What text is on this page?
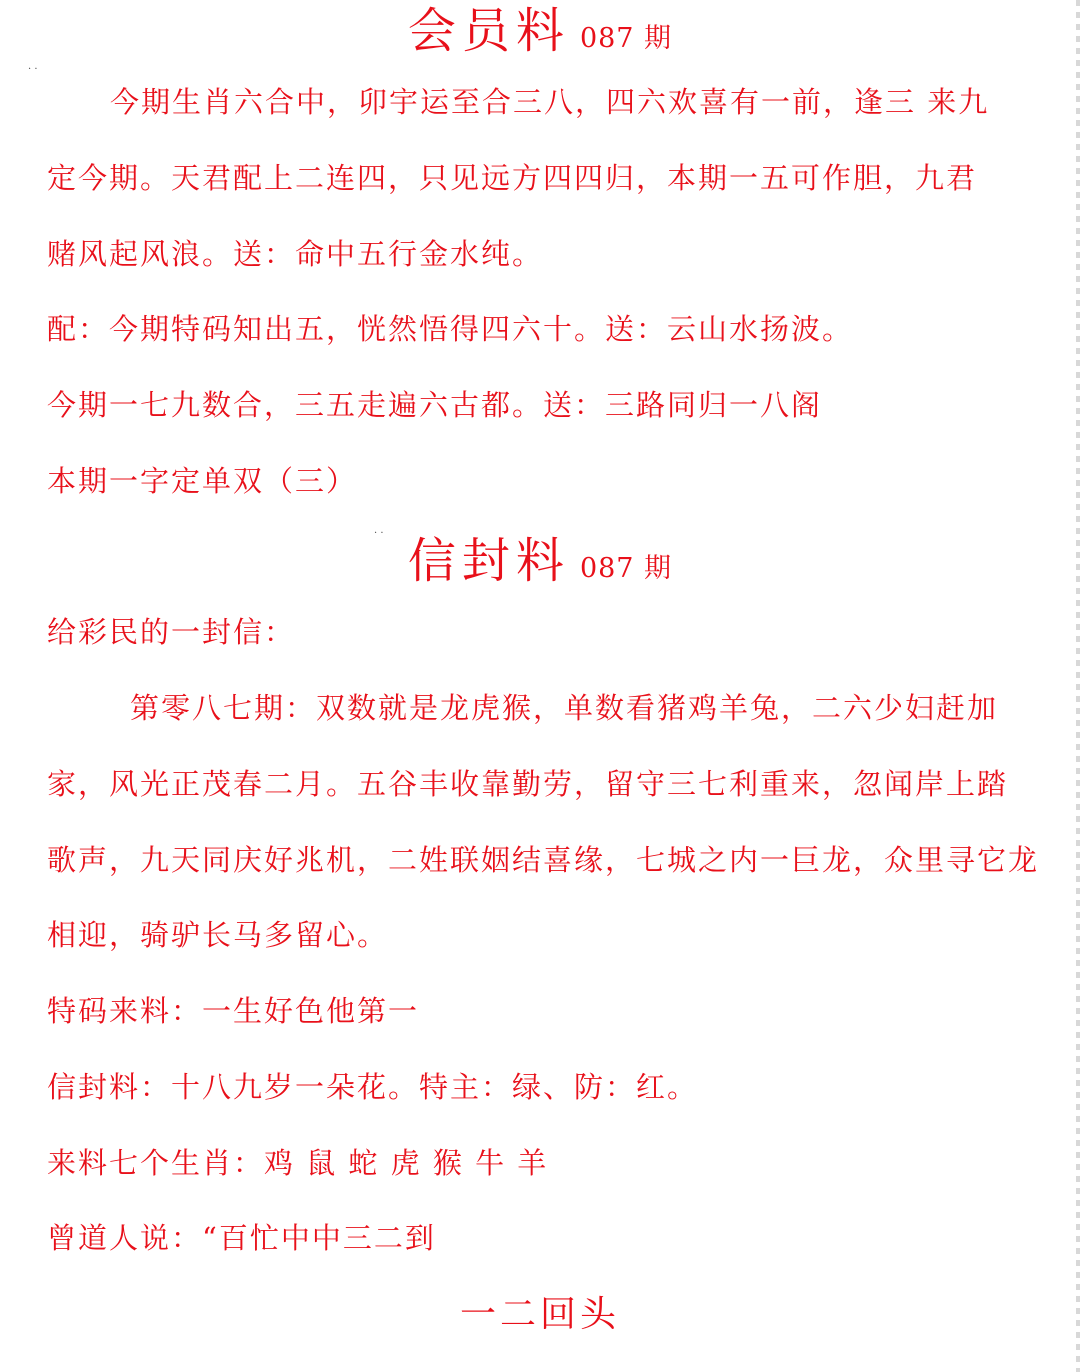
· ·
· ·
会员料 087 期
今期生肖六合中，卯宇运至合三八，四六欢喜有一前，逢三 来九
定今期。天君配上二连四，只见远方四四归，本期一五可作胆，九君
赌风起风浪。送：命中五行金水纯。
配：今期特码知出五，恍然悟得四六十。送：云山水扬波。
今期一七九数合，三五走遍六古都。送：三路同归一八阁
本期一字定单双（三）
信封料 087 期
给彩民的一封信：
第零八七期：双数就是龙虎猴，单数看猪鸡羊兔，二六少妇赶加
家，风光正茂春二月。五谷丰收靠勤劳，留守三七利重来，忽闻岸上踏
歌声，九天同庆好兆机，二姓联姻结喜缘，七城之内一巨龙，众里寻它龙
相迎，骑驴长马多留心。
特码来料：一生好色他第一
信封料：十八九岁一朵花。特主：绿、防：红。
来料七个生肖：鸡 鼠 蛇 虎 猴 牛 羊
曾道人说：“百忙中中三二到
一二回头
